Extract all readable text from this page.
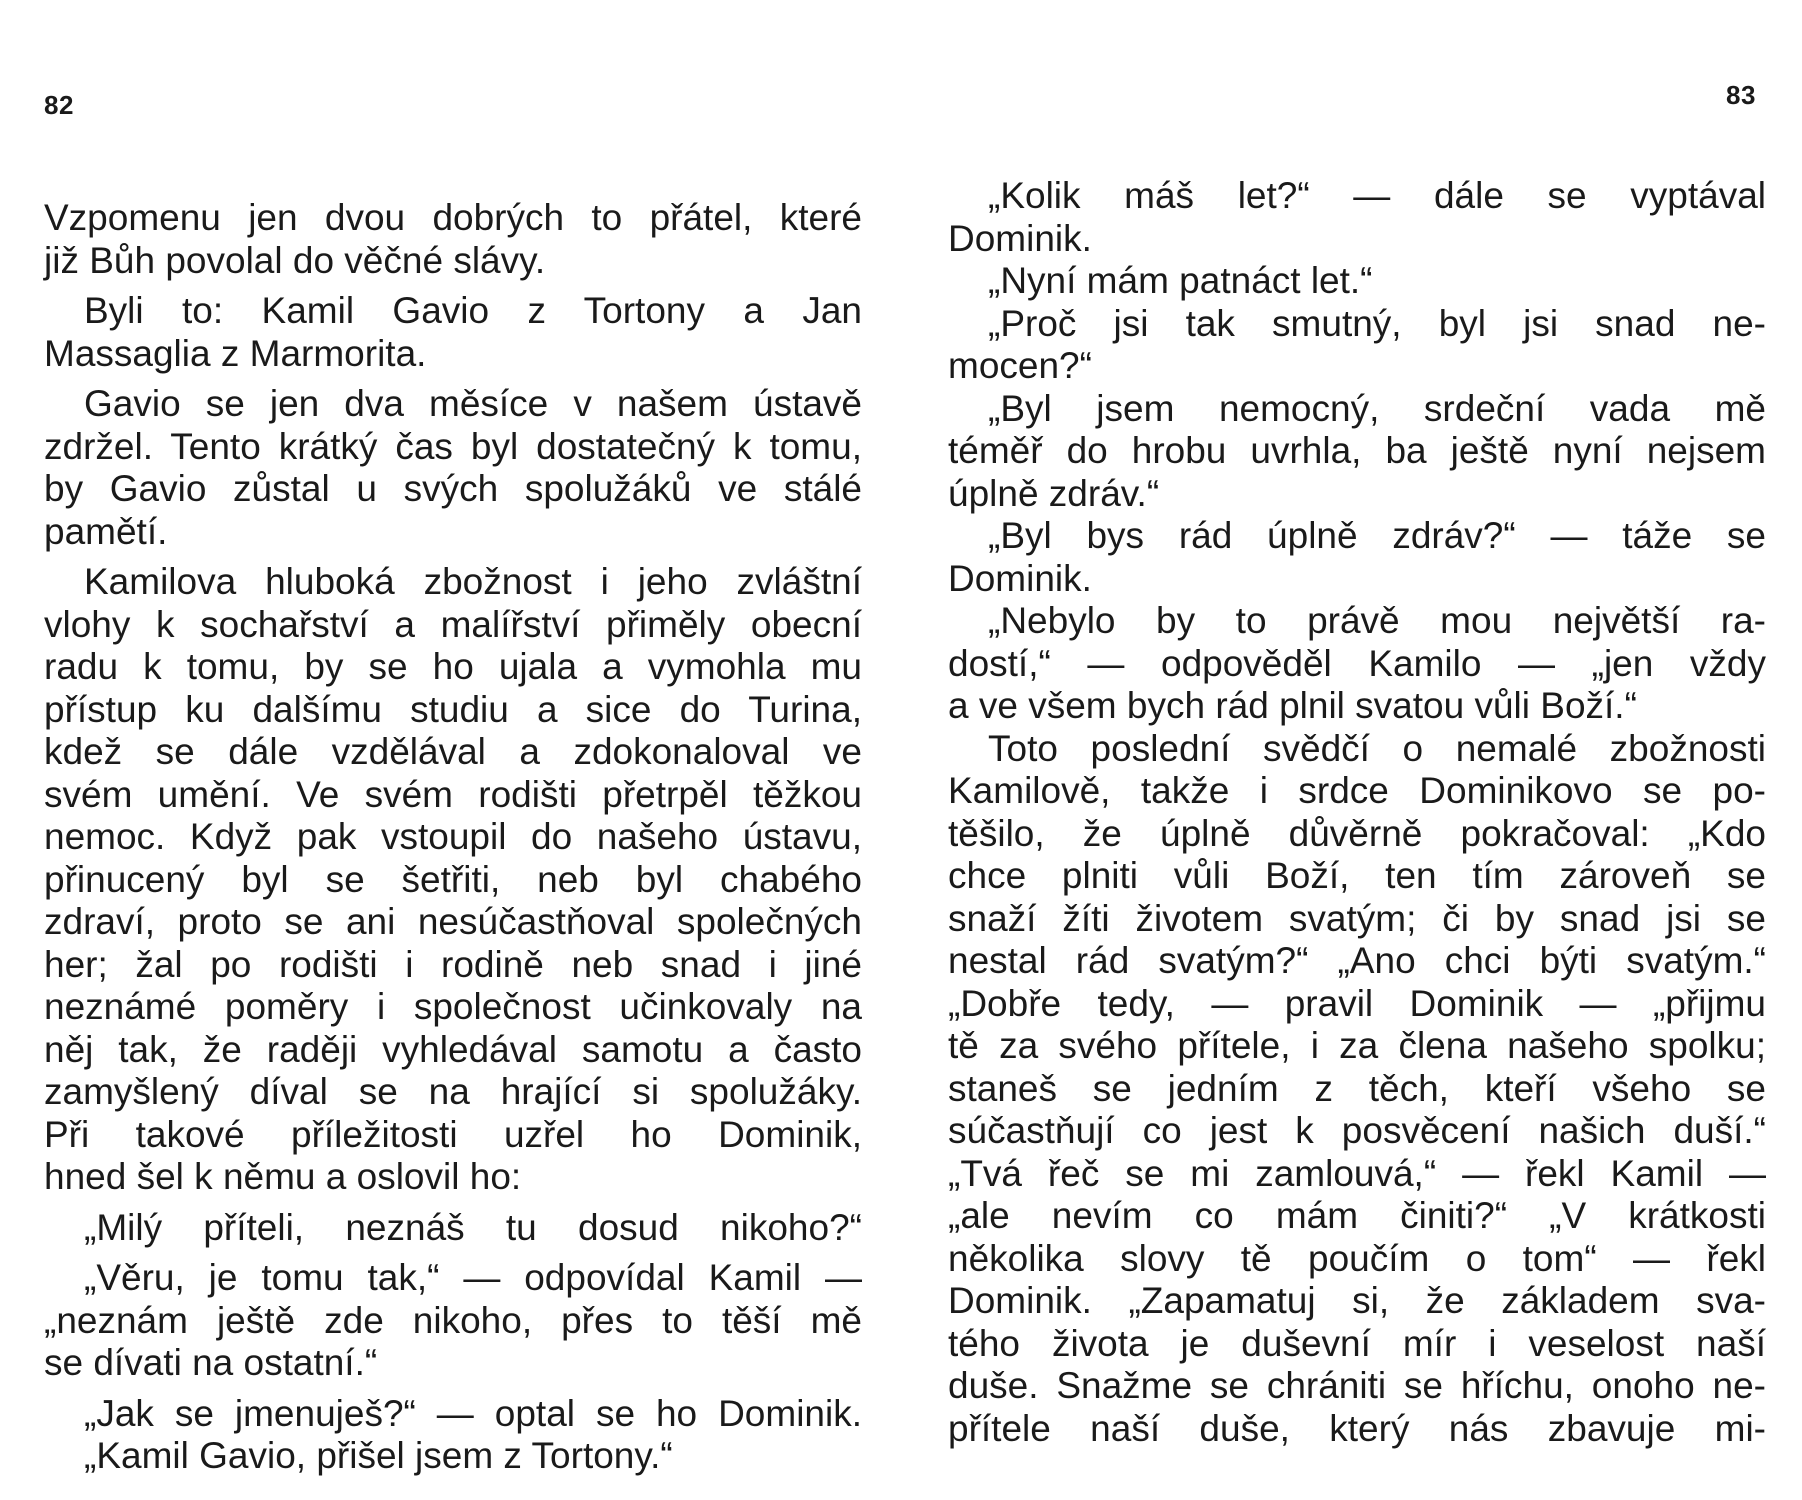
82	83
Vzpomenu jen dvou dobrých to přátel, které
již Bůh povolal do věčné slávy.
Byli to: Kamil Gavio z Tortony a Jan
Massaglia z Marmorita.
Gavio se jen dva měsíce v našem ústavě
zdržel. Tento krátký čas byl dostatečný k tomu,
by Gavio zůstal u svých spolužáků ve stálé
pamětí.
Kamilova hluboká zbožnost i jeho zvláštní
vlohy k sochařství a malířství přiměly obecní
radu k tomu, by se ho ujala a vymohla mu
přístup ku dalšímu studiu a sice do Turina,
kdež se dále vzdělával a zdokonaloval ve
svém umění. Ve svém rodišti přetrpěl těžkou
nemoc. Když pak vstoupil do našeho ústavu,
přinucený byl se šetřiti, neb byl chabého
zdraví, proto se ani nesúčastňoval společných
her; žal po rodišti i rodině neb snad i jiné
neznámé poměry i společnost učinkovaly na
něj tak, že raději vyhledával samotu a často
zamyšlený díval se na hrající si spolužáky.
Při takové příležitosti uzřel ho Dominik,
hned šel k němu a oslovil ho:
„Milý příteli, neznáš tu dosud nikoho?“
„Věru, je tomu tak,“ — odpovídal Kamil —
„neznám ještě zde nikoho, přes to těší mě
se dívati na ostatní.“
„Jak se jmenuješ?“ — optal se ho Dominik.
„Kamil Gavio, přišel jsem z Tortony.“
„Kolik máš let?“ — dále se vyptával
Dominik.
„Nyní mám patnáct let.“
„Proč jsi tak smutný, byl jsi snad ne-
mocen?“
„Byl jsem nemocný, srdeční vada mě
téměř do hrobu uvrhla, ba ještě nyní nejsem
úplně zdráv.“
„Byl bys rád úplně zdráv?“ — táže se
Dominik.
„Nebylo by to právě mou největší ra-
dostí,“ — odpověděl Kamilo — „jen vždy
a ve všem bych rád plnil svatou vůli Boží.“
Toto poslední svědčí o nemalé zbožnosti
Kamilově, takže i srdce Dominikovo se po-
těšilo, že úplně důvěrně pokračoval: „Kdo
chce plniti vůli Boží, ten tím zároveň se
snaží žíti životem svatým; či by snad jsi se
nestal rád svatým?“ „Ano chci býti svatým.“
„Dobře tedy, — pravil Dominik — „přijmu
tě za svého přítele, i za člena našeho spolku;
staneš se jedním z těch, kteří všeho se
súčastňují co jest k posvěcení našich duší.“
„Tvá řeč se mi zamlouvá,“ — řekl Kamil —
„ale nevím co mám činiti?“ „V krátkosti
několika slovy tě poučím o tom“ — řekl
Dominik. „Zapamatuj si, že základem sva-
tého života je duševní mír i veselost naší
duše. Snažme se chrániti se hříchu, onoho ne-
přítele naší duše, který nás zbavuje mi-
